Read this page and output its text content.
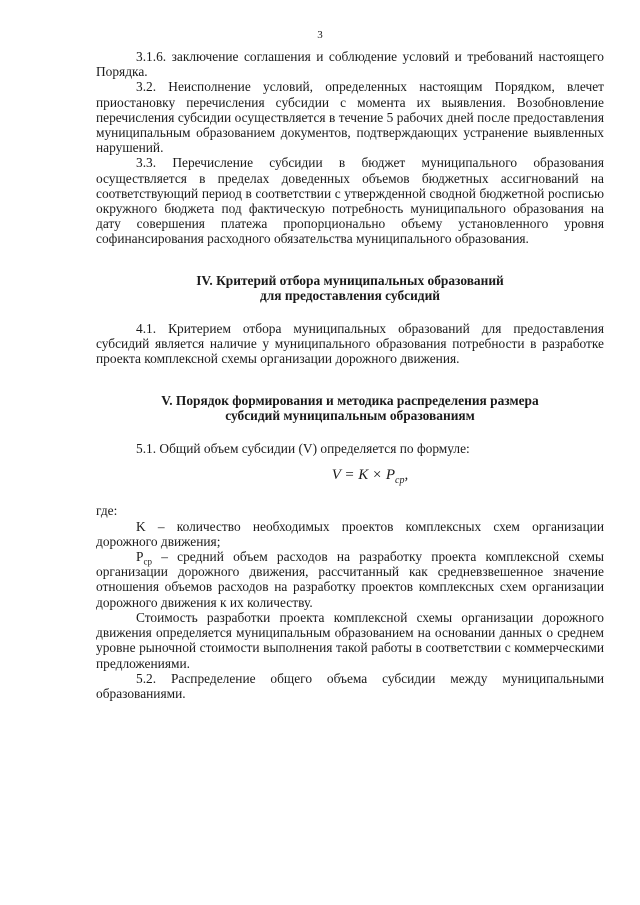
3

3.1.6. заключение соглашения и соблюдение условий и требований настоящего Порядка.

3.2. Неисполнение условий, определенных настоящим Порядком, влечет приостановку перечисления субсидии с момента их выявления. Возобновление перечисления субсидии осуществляется в течение 5 рабочих дней после предоставления муниципальным образованием документов, подтверждающих устранение выявленных нарушений.

3.3. Перечисление субсидии в бюджет муниципального образования осуществляется в пределах доведенных объемов бюджетных ассигнований на соответствующий период в соответствии с утвержденной сводной бюджетной росписью окружного бюджета под фактическую потребность муниципального образования на дату совершения платежа пропорционально объему установленного уровня софинансирования расходного обязательства муниципального образования.

IV. Критерий отбора муниципальных образований
для предоставления субсидий

4.1. Критерием отбора муниципальных образований для предоставления субсидий является наличие у муниципального образования потребности в разработке проекта комплексной схемы организации дорожного движения.

V. Порядок формирования и методика распределения размера
субсидий муниципальным образованиям

5.1. Общий объем субсидии (V) определяется по формуле:

$V = K \times P_{ср}$,

где:

K – количество необходимых проектов комплексных схем организации дорожного движения;

$P_{ср}$ – средний объем расходов на разработку проекта комплексной схемы организации дорожного движения, рассчитанный как средневзвешенное значение отношения объемов расходов на разработку проектов комплексных схем организации дорожного движения к их количеству.

Стоимость разработки проекта комплексной схемы организации дорожного движения определяется муниципальным образованием на основании данных о среднем уровне рыночной стоимости выполнения такой работы в соответствии с коммерческими предложениями.

5.2. Распределение общего объема субсидии между муниципальными образованиями.
